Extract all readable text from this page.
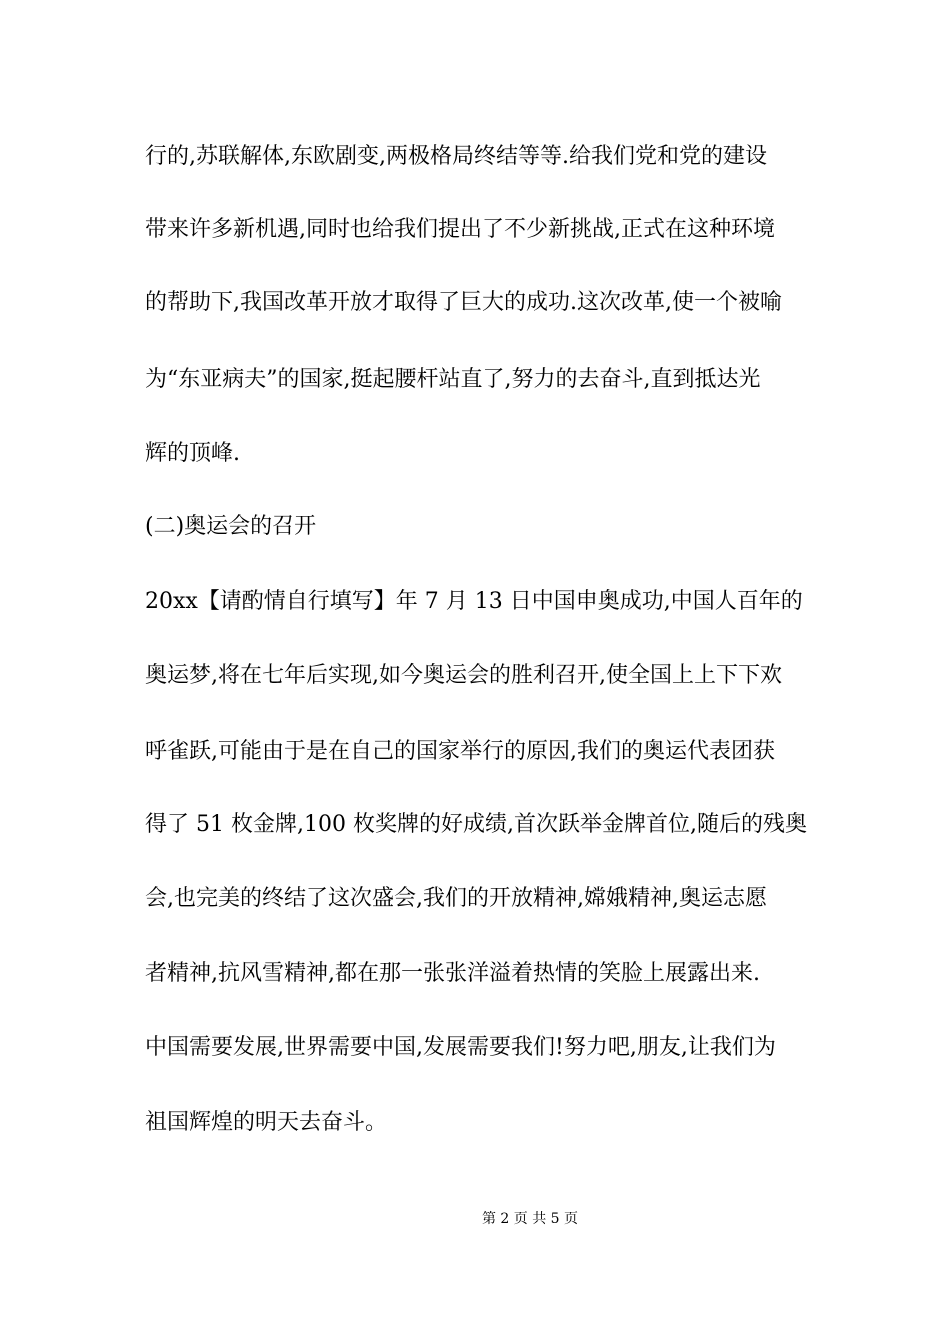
行的,苏联解体,东欧剧变,两极格局终结等等.给我们党和党的建设
带来许多新机遇,同时也给我们提出了不少新挑战,正式在这种环境
的帮助下,我国改革开放才取得了巨大的成功.这次改革,使一个被喻
为“东亚病夫”的国家,挺起腰杆站直了,努力的去奋斗,直到抵达光
辉的顶峰.
(二)奥运会的召开
20xx【请酌情自行填写】年 7 月 13 日中国申奥成功,中国人百年的
奥运梦,将在七年后实现,如今奥运会的胜利召开,使全国上上下下欢
呼雀跃,可能由于是在自己的国家举行的原因,我们的奥运代表团获
得了 51 枚金牌,100 枚奖牌的好成绩,首次跃举金牌首位,随后的残奥
会,也完美的终结了这次盛会,我们的开放精神,嫦娥精神,奥运志愿
者精神,抗风雪精神,都在那一张张洋溢着热情的笑脸上展露出来.
中国需要发展,世界需要中国,发展需要我们!努力吧,朋友,让我们为
祖国辉煌的明天去奋斗。
第 2 页 共 5 页
